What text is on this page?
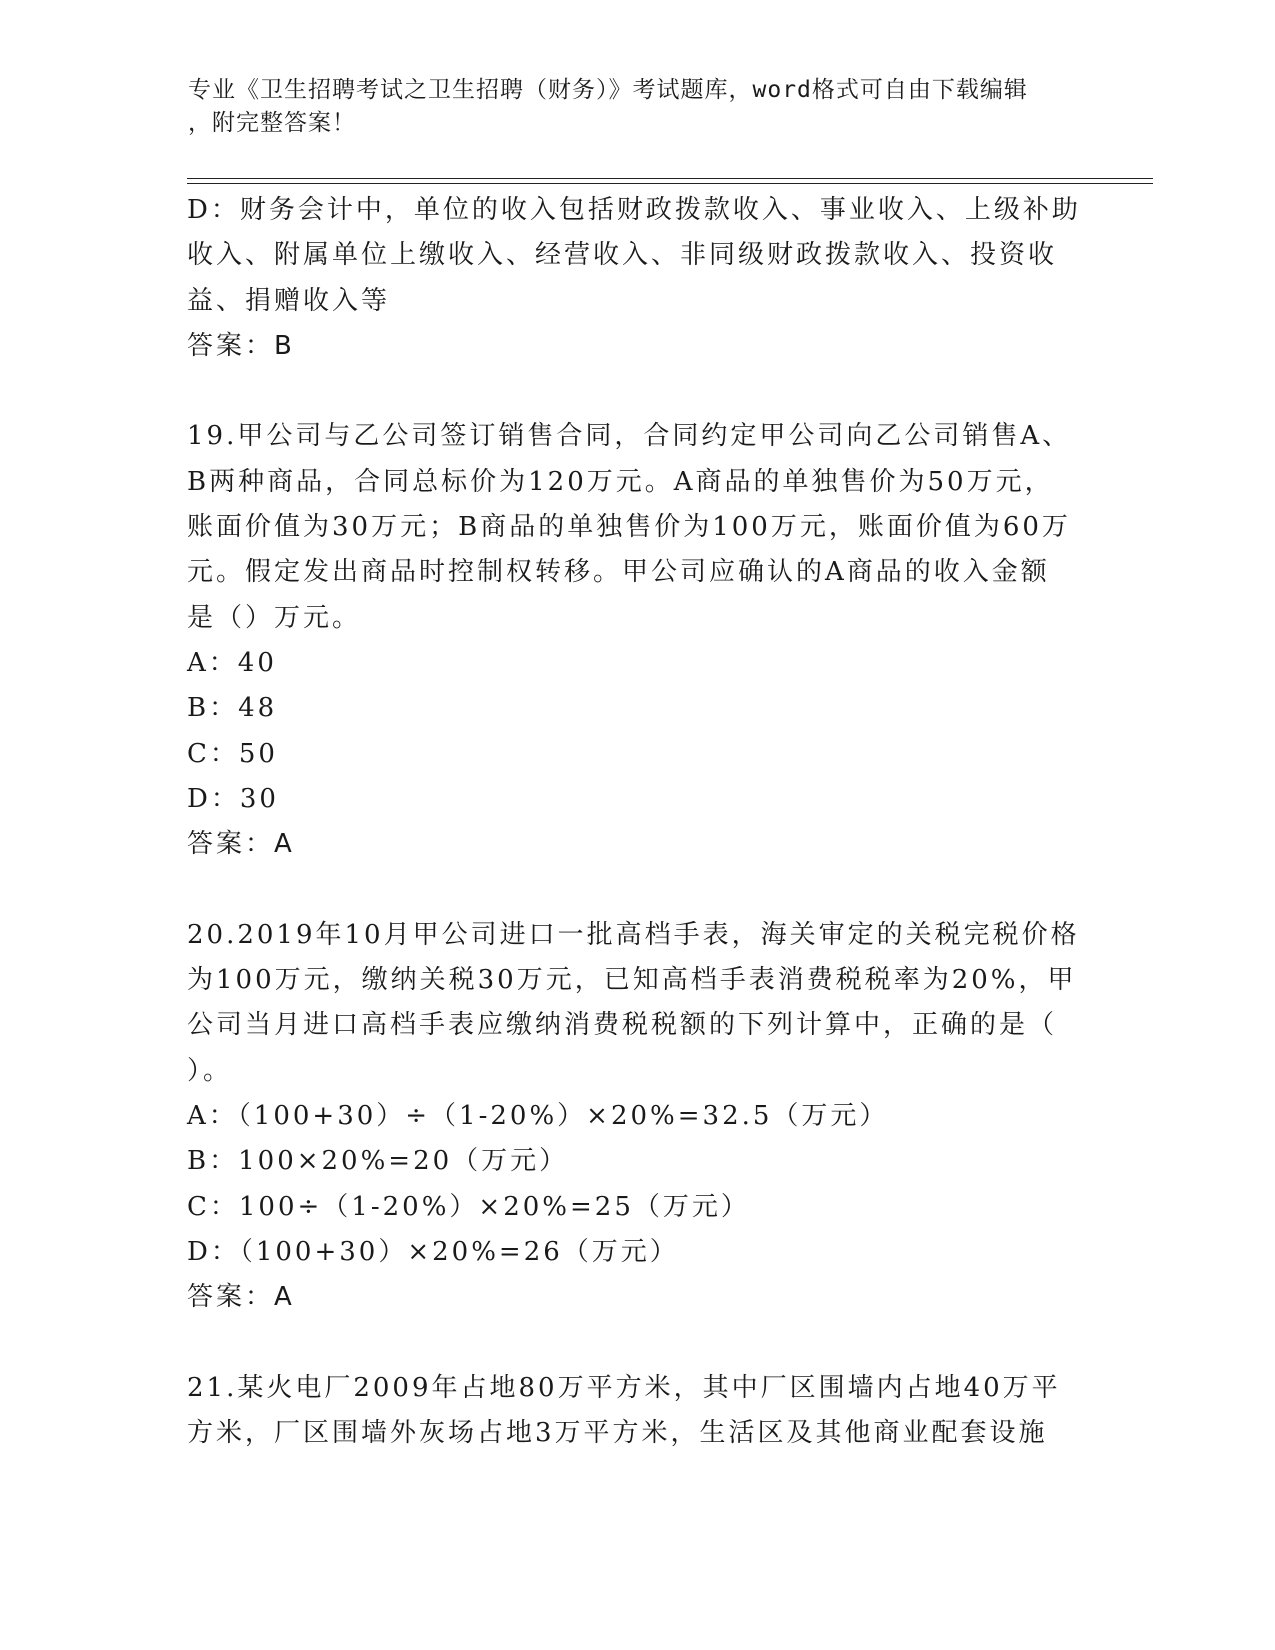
专业《卫生招聘考试之卫生招聘（财务）》考试题库，word格式可自由下载编辑
，附完整答案！
D：财务会计中，单位的收入包括财政拨款收入、事业收入、上级补助
收入、附属单位上缴收入、经营收入、非同级财政拨款收入、投资收
益、捐赠收入等
答案：B
19.甲公司与乙公司签订销售合同，合同约定甲公司向乙公司销售A、
B两种商品，合同总标价为120万元。A商品的单独售价为50万元，
账面价值为30万元；B商品的单独售价为100万元，账面价值为60万
元。假定发出商品时控制权转移。甲公司应确认的A商品的收入金额
是（）万元。
A：40
B：48
C：50
D：30
答案：A
20.2019年10月甲公司进口一批高档手表，海关审定的关税完税价格
为100万元，缴纳关税30万元，已知高档手表消费税税率为20%，甲
公司当月进口高档手表应缴纳消费税税额的下列计算中，正确的是（
）。
A：（100+30）÷（1-20%）×20%=32.5（万元）
B：100×20%=20（万元）
C：100÷（1-20%）×20%=25（万元）
D：（100+30）×20%=26（万元）
答案：A
21.某火电厂2009年占地80万平方米，其中厂区围墙内占地40万平
方米，厂区围墙外灰场占地3万平方米，生活区及其他商业配套设施
